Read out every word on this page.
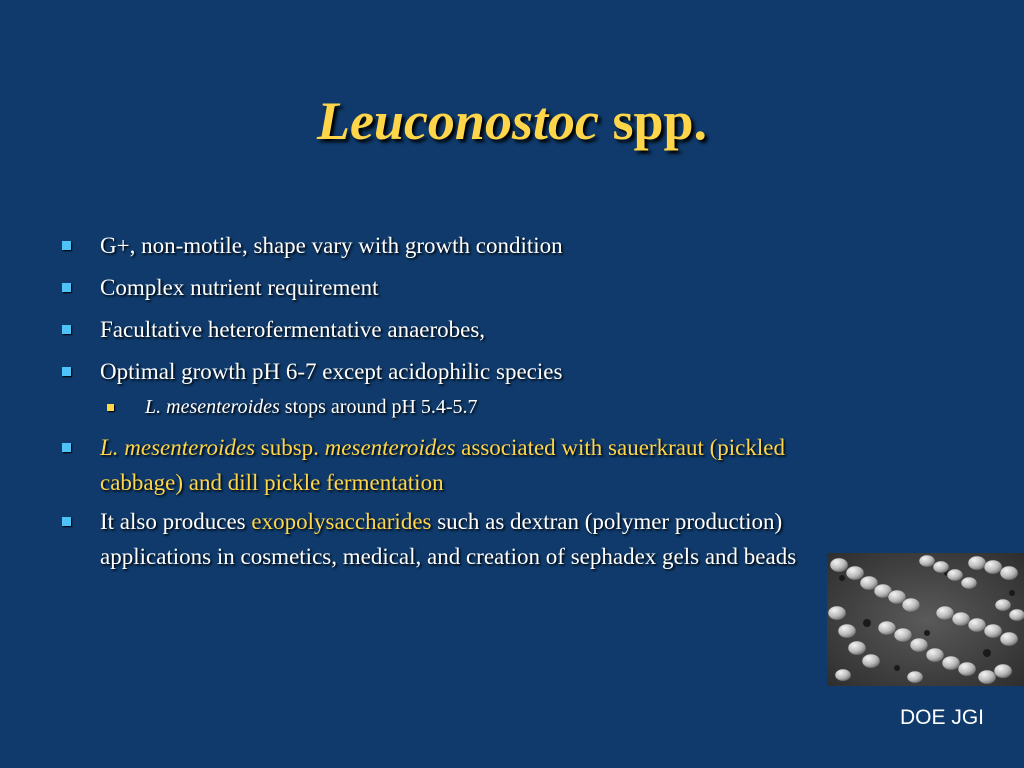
Leuconostoc spp.
G+, non-motile, shape vary with growth condition
Complex nutrient requirement
Facultative heterofermentative anaerobes,
Optimal growth pH 6-7 except acidophilic species
L. mesenteroides stops around pH 5.4-5.7
L. mesenteroides subsp. mesenteroides associated with sauerkraut (pickled cabbage) and dill pickle fermentation
It also produces exopolysaccharides such as dextran (polymer production) applications in cosmetics, medical, and creation of sephadex gels and beads
DOE JGI
